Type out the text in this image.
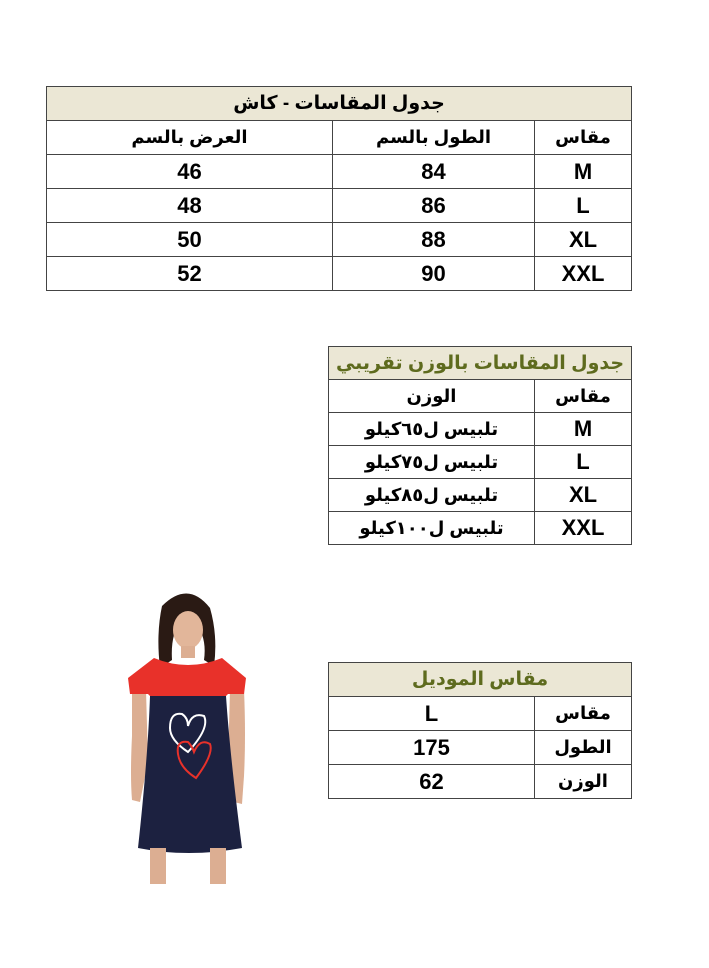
جدول المقاسات - كاش		
مقاس	الطول بالسم	العرض بالسم
M	84	46
L	86	48
XL	88	50
XXL	90	52
جدول المقاسات بالوزن تقريبي	
مقاس	الوزن
M	تلبيس ل٦٥كيلو
L	تلبيس ل٧٥كيلو
XL	تلبيس ل٨٥كيلو
XXL	تلبيس ل١٠٠كيلو
مقاس الموديل	
مقاس	L
الطول	175
الوزن	62
